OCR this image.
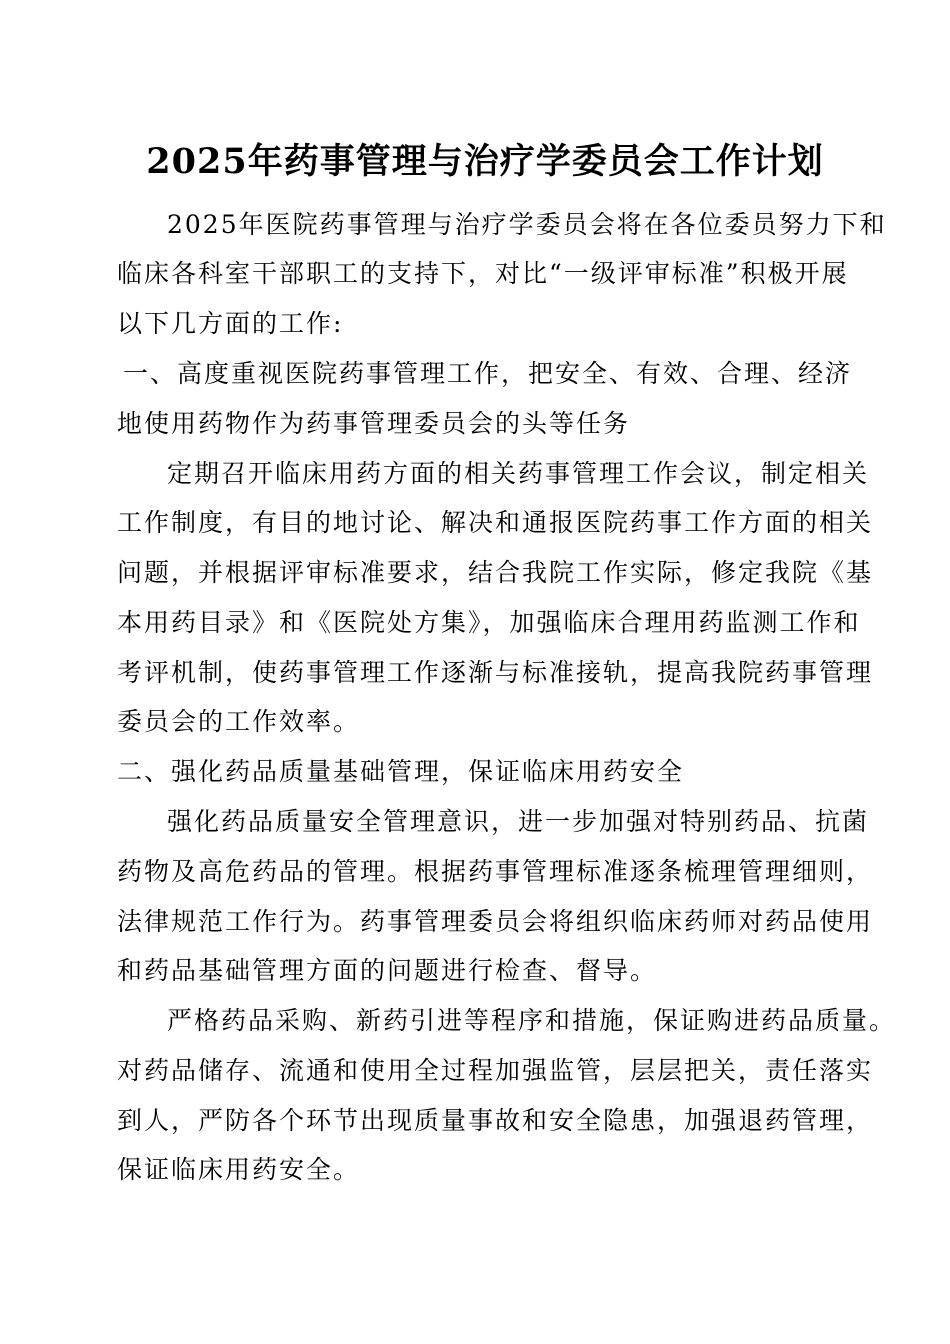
2025年药事管理与治疗学委员会工作计划
2025年医院药事管理与治疗学委员会将在各位委员努力下和
临床各科室干部职工的支持下，对比“一级评审标准”积极开展
以下几方面的工作:
一、高度重视医院药事管理工作，把安全、有效、合理、经济
地使用药物作为药事管理委员会的头等任务
定期召开临床用药方面的相关药事管理工作会议，制定相关
工作制度，有目的地讨论、解决和通报医院药事工作方面的相关
问题，并根据评审标准要求，结合我院工作实际，修定我院《基
本用药目录》和《医院处方集》，加强临床合理用药监测工作和
考评机制，使药事管理工作逐渐与标准接轨，提高我院药事管理
委员会的工作效率。
二、强化药品质量基础管理，保证临床用药安全
强化药品质量安全管理意识，进一步加强对特别药品、抗菌
药物及高危药品的管理。根据药事管理标准逐条梳理管理细则，
法律规范工作行为。药事管理委员会将组织临床药师对药品使用
和药品基础管理方面的问题进行检查、督导。
严格药品采购、新药引进等程序和措施，保证购进药品质量。
对药品储存、流通和使用全过程加强监管，层层把关，责任落实
到人，严防各个环节出现质量事故和安全隐患，加强退药管理，
保证临床用药安全。
